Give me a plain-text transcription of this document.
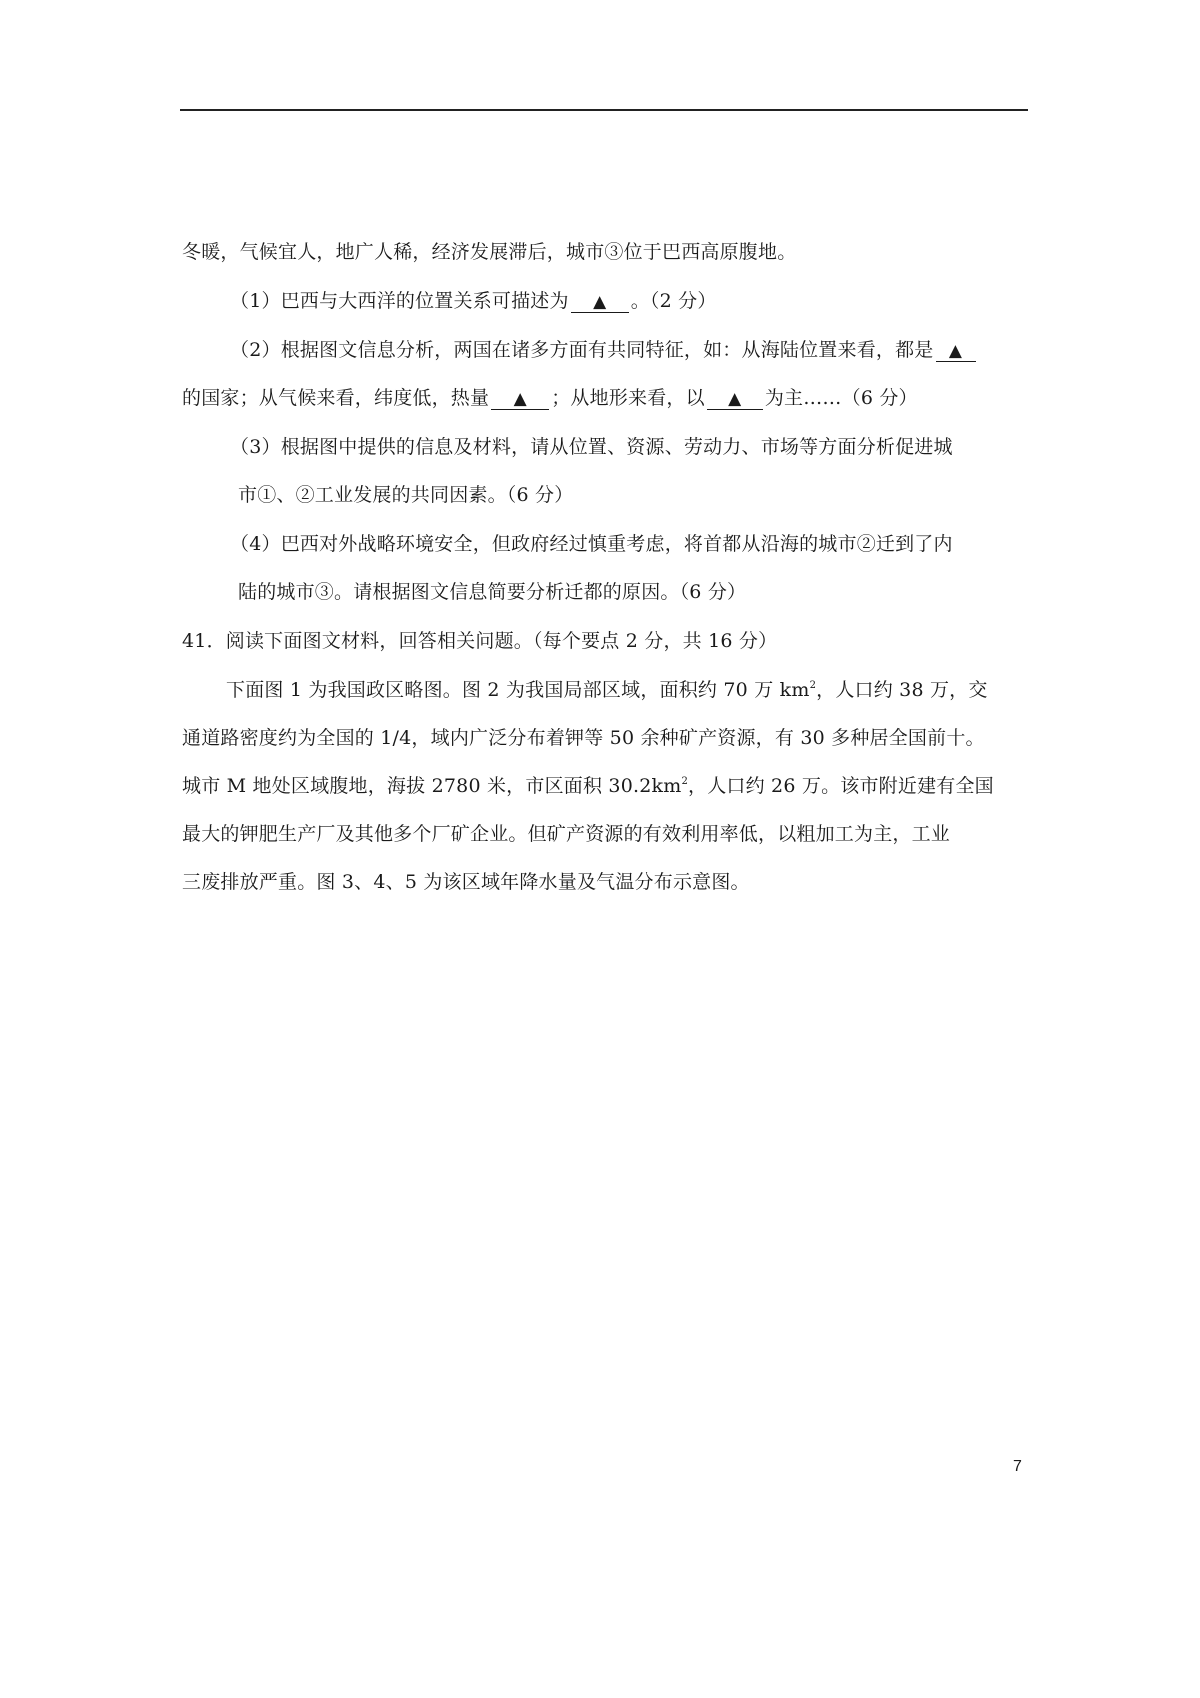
冬暖，气候宜人，地广人稀，经济发展滞后，城市③位于巴西高原腹地。
（1）巴西与大西洋的位置关系可描述为 ▲ 。（2 分）
（2）根据图文信息分析，两国在诸多方面有共同特征，如：从海陆位置来看，都是 ▲
的国家；从气候来看，纬度低，热量 ▲ ；从地形来看，以 ▲ 为主……（6 分）
（3）根据图中提供的信息及材料，请从位置、资源、劳动力、市场等方面分析促进城
市①、②工业发展的共同因素。（6 分）
（4）巴西对外战略环境安全，但政府经过慎重考虑，将首都从沿海的城市②迁到了内
陆的城市③。请根据图文信息简要分析迁都的原因。（6 分）
41．阅读下面图文材料，回答相关问题。（每个要点 2 分，共 16 分）
下面图 1 为我国政区略图。图 2 为我国局部区域，面积约 70 万 $km^2$，人口约 38 万，交
通道路密度约为全国的 1/4，域内广泛分布着钾等 50 余种矿产资源，有 30 多种居全国前十。
城市 M 地处区域腹地，海拔 2780 米，市区面积 $30.2km^2$，人口约 26 万。该市附近建有全国
最大的钾肥生产厂及其他多个厂矿企业。但矿产资源的有效利用率低，以粗加工为主，工业
三废排放严重。图 3、4、5 为该区域年降水量及气温分布示意图。
7
